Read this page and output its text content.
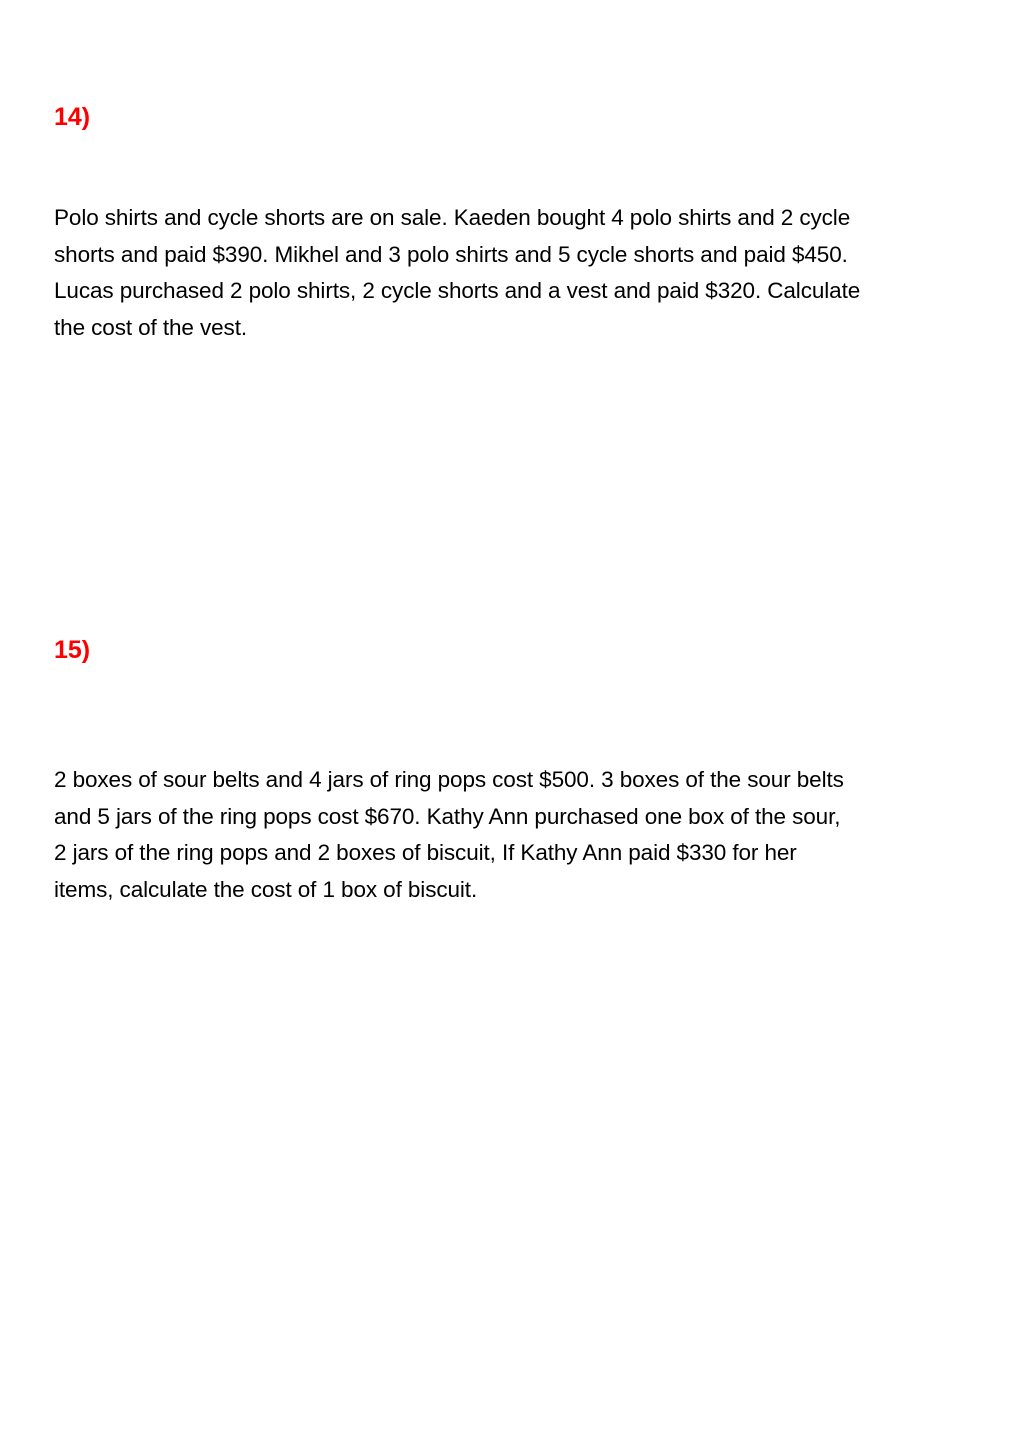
14)

Polo shirts and cycle shorts are on sale. Kaeden bought 4 polo shirts and 2 cycle
shorts and paid $390. Mikhel and 3 polo shirts and 5 cycle shorts and paid $450.
Lucas purchased 2 polo shirts, 2 cycle shorts and a vest and paid $320. Calculate
the cost of the vest.

15)

2 boxes of sour belts and 4 jars of ring pops cost $500. 3 boxes of the sour belts
and 5 jars of the ring pops cost $670. Kathy Ann purchased one box of the sour,
2 jars of the ring pops and 2 boxes of biscuit, If Kathy Ann paid $330 for her
items, calculate the cost of 1 box of biscuit.
